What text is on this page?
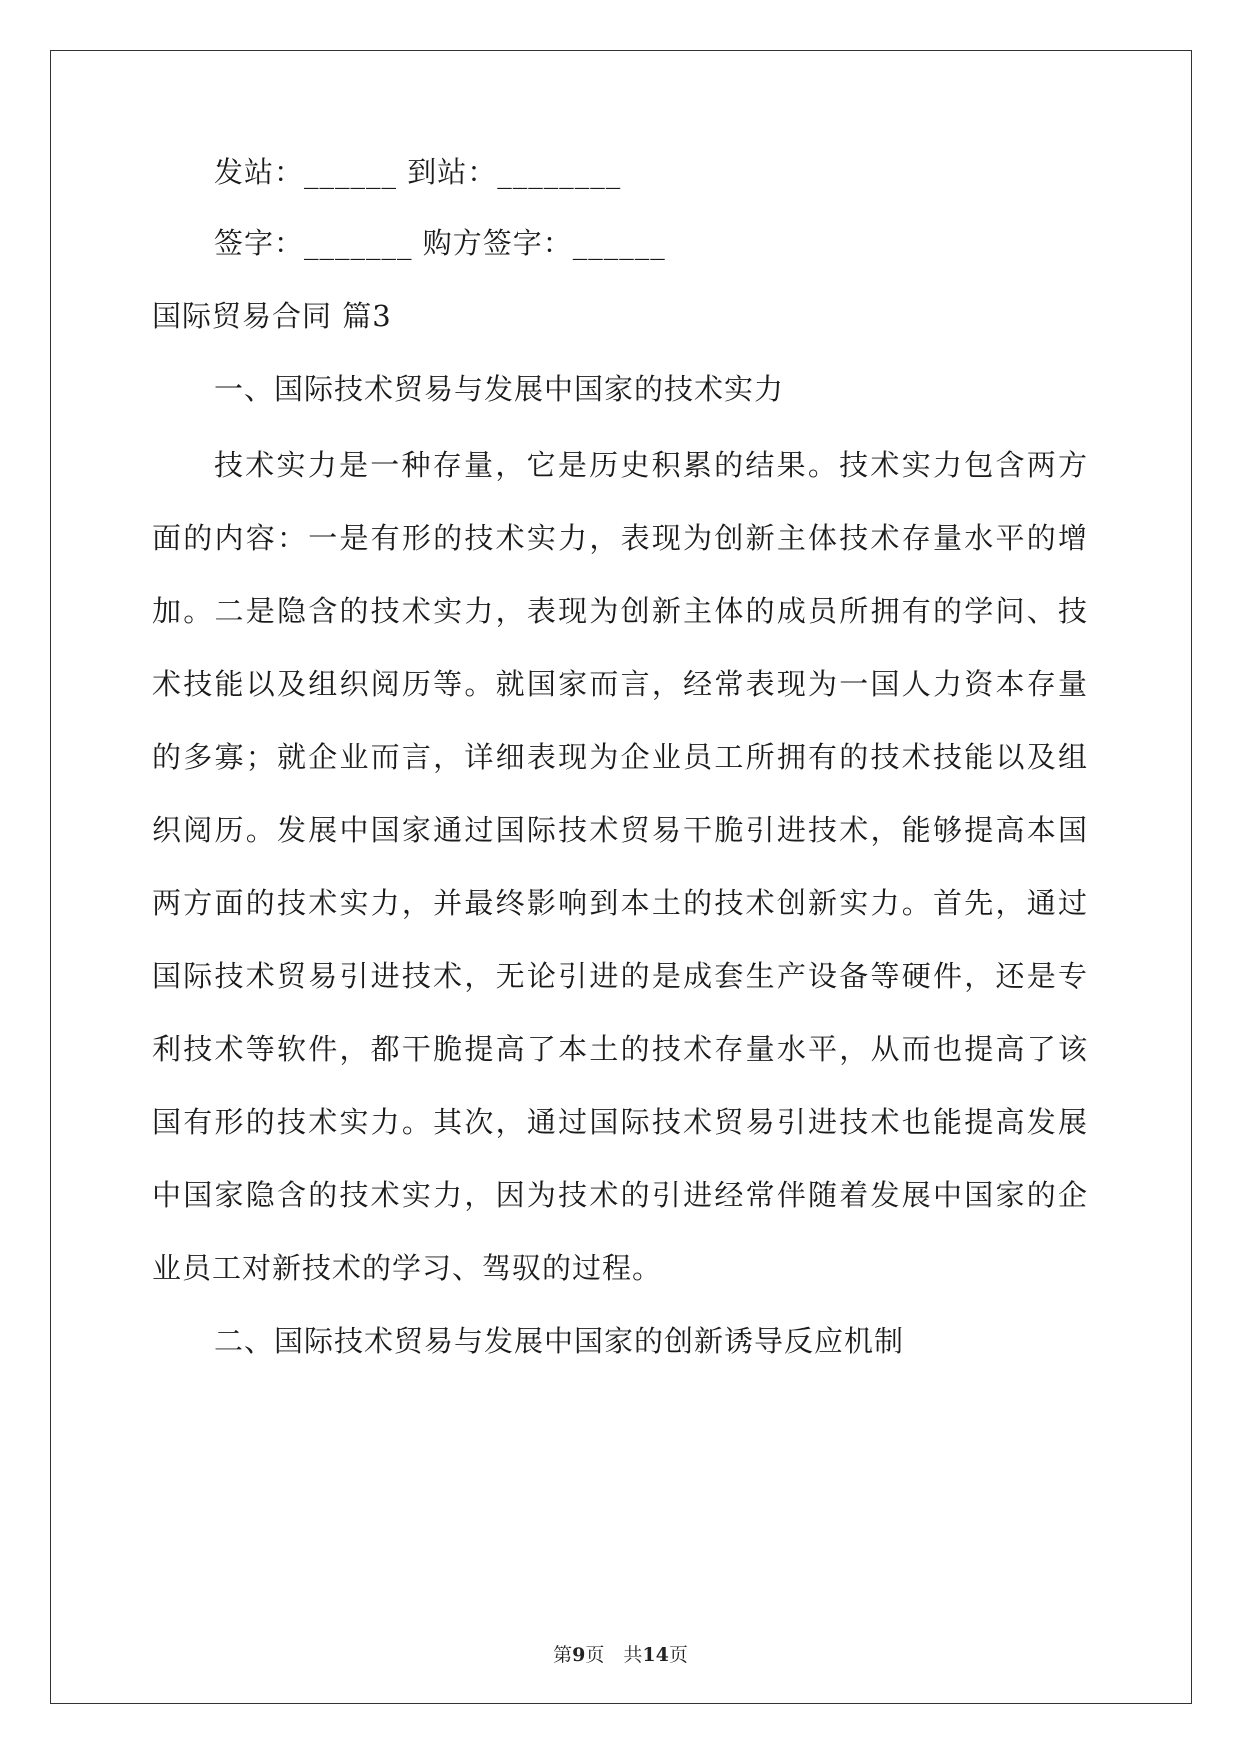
发站：______ 到站：________
签字：_______ 购方签字：______
国际贸易合同 篇3
一、国际技术贸易与发展中国家的技术实力
技术实力是一种存量，它是历史积累的结果。技术实力包含两方
面的内容：一是有形的技术实力，表现为创新主体技术存量水平的增
加。二是隐含的技术实力，表现为创新主体的成员所拥有的学问、技
术技能以及组织阅历等。就国家而言，经常表现为一国人力资本存量
的多寡；就企业而言，详细表现为企业员工所拥有的技术技能以及组
织阅历。发展中国家通过国际技术贸易干脆引进技术，能够提高本国
两方面的技术实力，并最终影响到本土的技术创新实力。首先，通过
国际技术贸易引进技术，无论引进的是成套生产设备等硬件，还是专
利技术等软件，都干脆提高了本土的技术存量水平，从而也提高了该
国有形的技术实力。其次，通过国际技术贸易引进技术也能提高发展
中国家隐含的技术实力，因为技术的引进经常伴随着发展中国家的企
业员工对新技术的学习、驾驭的过程。
二、国际技术贸易与发展中国家的创新诱导反应机制
第9页　共14页
